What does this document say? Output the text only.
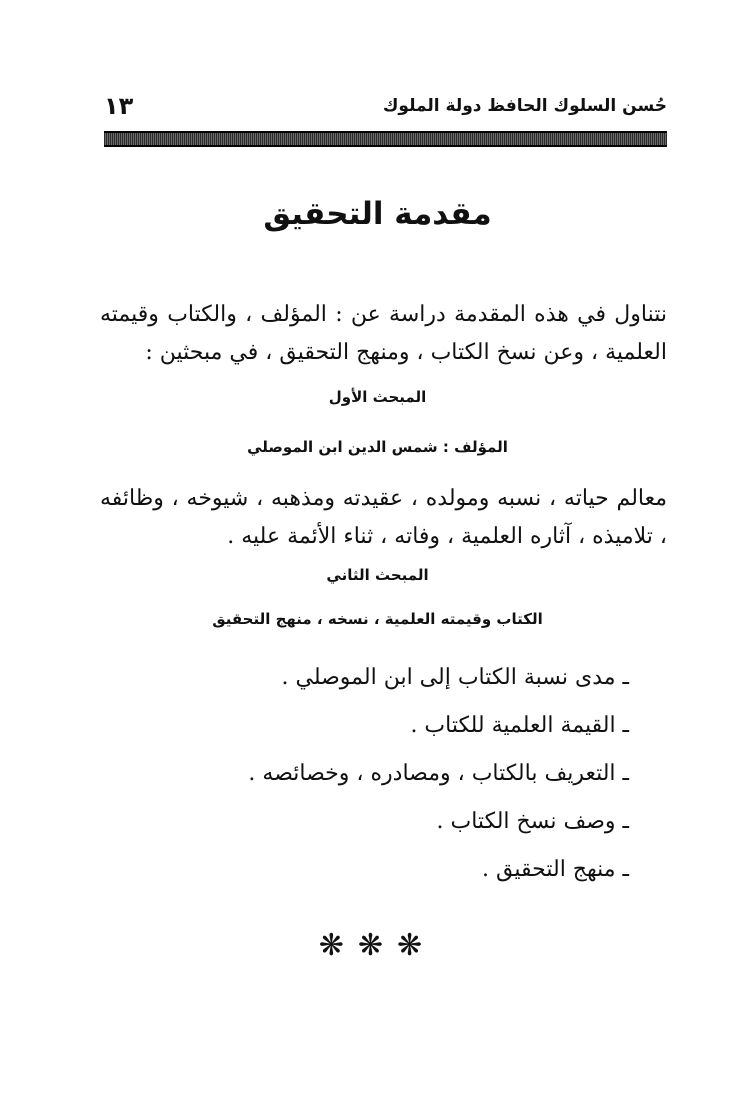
حُسن السلوك الحافظ دولة الملوك
١٣
مقدمة التحقيق
نتناول في هذه المقدمة دراسة عن : المؤلف ، والكتاب وقيمته العلمية ، وعن نسخ الكتاب ، ومنهج التحقيق ، في مبحثين :
المبحث الأول
المؤلف : شمس الدين ابن الموصلي
معالم حياته ، نسبه ومولده ، عقيدته ومذهبه ، شيوخه ، وظائفه ، تلاميذه ، آثاره العلمية ، وفاته ، ثناء الأئمة عليه .
المبحث الثاني
الكتاب وقيمته العلمية ، نسخه ، منهج التحقيق
ـ مدى نسبة الكتاب إلى ابن الموصلي .
ـ القيمة العلمية للكتاب .
ـ التعريف بالكتاب ، ومصادره ، وخصائصه .
ـ وصف نسخ الكتاب .
ـ منهج التحقيق .
❋❋❋
